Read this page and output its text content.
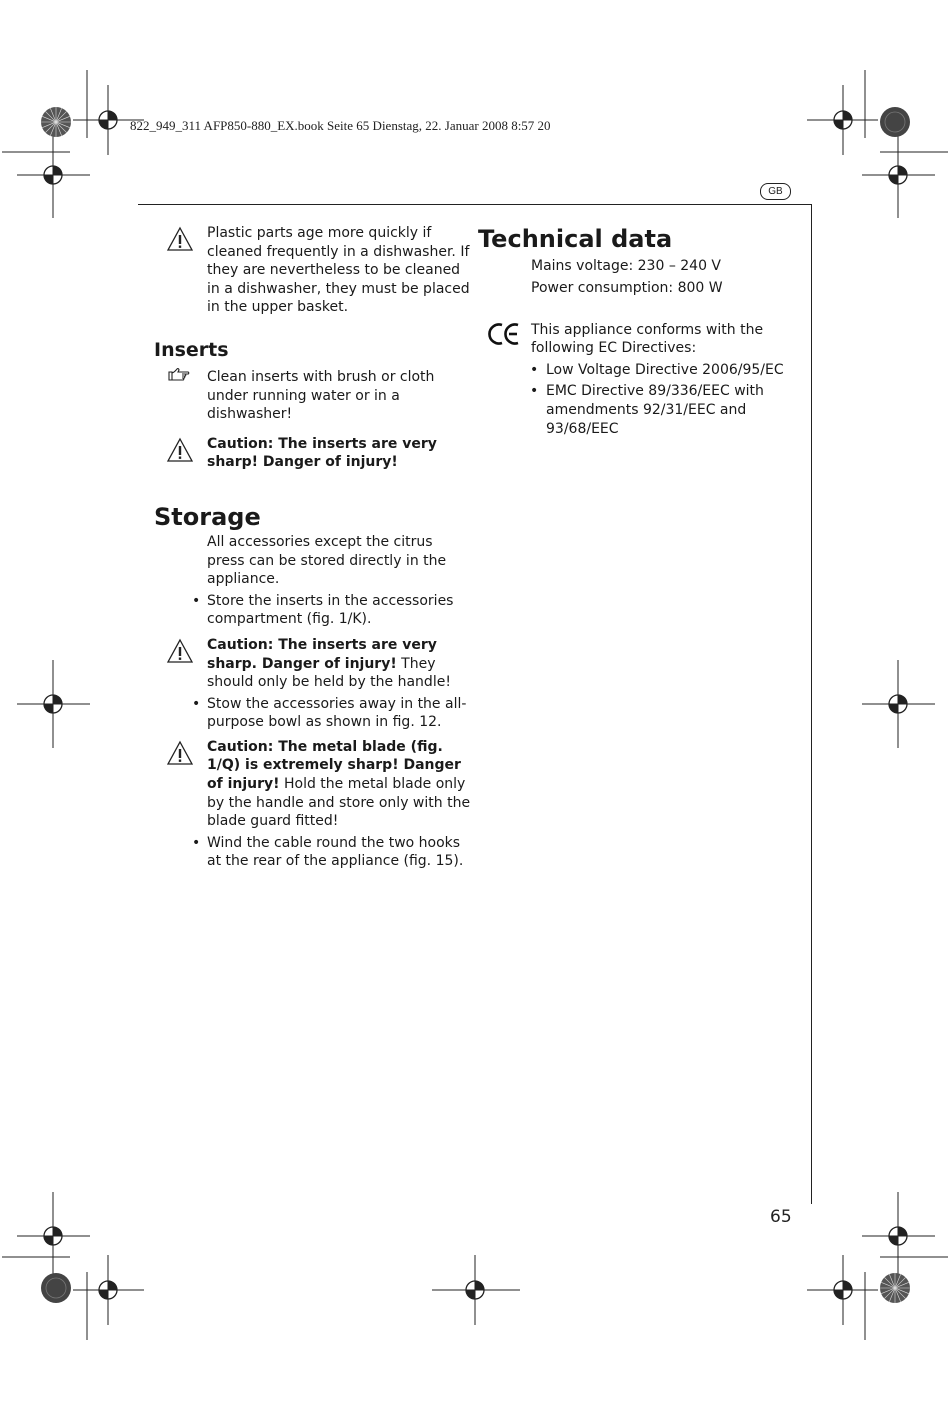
822_949_311 AFP850-880_EX.book Seite 65 Dienstag, 22. Januar 2008 8:57 20
GB

Plastic parts age more quickly if cleaned frequently in a dishwasher. If they are nevertheless to be cleaned in a dishwasher, they must be placed in the upper basket.

Inserts

Clean inserts with brush or cloth under running water or in a dishwasher!

Caution: The inserts are very sharp! Danger of injury!

Storage

All accessories except the citrus press can be stored directly in the appliance.

• Store the inserts in the accessories compartment (fig. 1/K).

Caution: The inserts are very sharp. Danger of injury! They should only be held by the handle!

• Stow the accessories away in the all-purpose bowl as shown in fig. 12.

Caution: The metal blade (fig. 1/Q) is extremely sharp! Danger of injury! Hold the metal blade only by the handle and store only with the blade guard fitted!

• Wind the cable round the two hooks at the rear of the appliance (fig. 15).

Technical data

Mains voltage: 230 – 240 V

Power consumption: 800 W

This appliance conforms with the following EC Directives:

• Low Voltage Directive 2006/95/EC

• EMC Directive 89/336/EEC with amendments 92/31/EEC and 93/68/EEC

65
